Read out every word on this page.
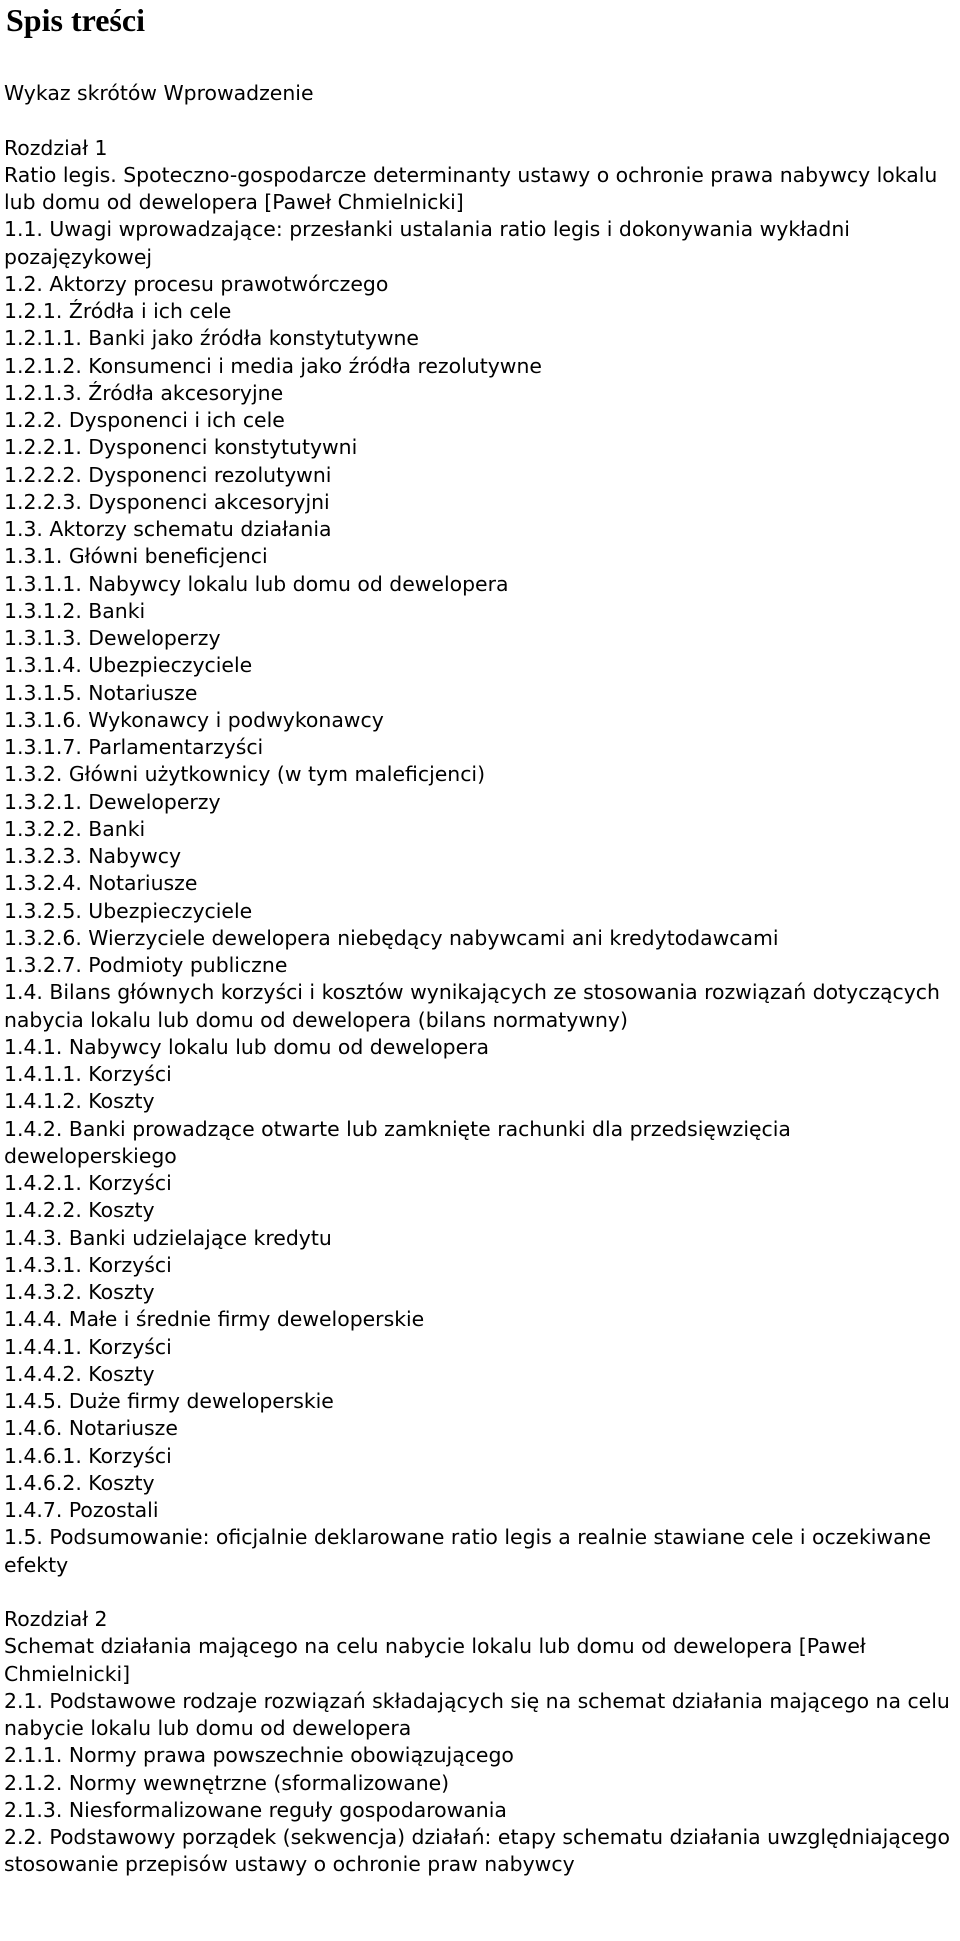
Spis treści
Wykaz skrótów Wprowadzenie
Rozdział 1
Ratio legis. Spoteczno-gospodarcze determinanty ustawy o ochronie prawa nabywcy lokalu lub domu od dewelopera [Paweł Chmielnicki]
1.1. Uwagi wprowadzające: przesłanki ustalania ratio legis i dokonywania wykładni pozajęzykowej
1.2. Aktorzy procesu prawotwórczego
1.2.1. Źródła i ich cele
1.2.1.1. Banki jako źródła konstytutywne
1.2.1.2. Konsumenci i media jako źródła rezolutywne
1.2.1.3. Źródła akcesoryjne
1.2.2. Dysponenci i ich cele
1.2.2.1. Dysponenci konstytutywni
1.2.2.2. Dysponenci rezolutywni
1.2.2.3. Dysponenci akcesoryjni
1.3. Aktorzy schematu działania
1.3.1. Główni beneficjenci
1.3.1.1. Nabywcy lokalu lub domu od dewelopera
1.3.1.2. Banki
1.3.1.3. Deweloperzy
1.3.1.4. Ubezpieczyciele
1.3.1.5. Notariusze
1.3.1.6. Wykonawcy i podwykonawcy
1.3.1.7. Parlamentarzyści
1.3.2. Główni użytkownicy (w tym maleficjenci)
1.3.2.1. Deweloperzy
1.3.2.2. Banki
1.3.2.3. Nabywcy
1.3.2.4. Notariusze
1.3.2.5. Ubezpieczyciele
1.3.2.6. Wierzyciele dewelopera niebędący nabywcami ani kredytodawcami
1.3.2.7. Podmioty publiczne
1.4. Bilans głównych korzyści i kosztów wynikających ze stosowania rozwiązań dotyczących nabycia lokalu lub domu od dewelopera (bilans normatywny)
1.4.1. Nabywcy lokalu lub domu od dewelopera
1.4.1.1. Korzyści
1.4.1.2. Koszty
1.4.2. Banki prowadzące otwarte lub zamknięte rachunki dla przedsięwzięcia deweloperskiego
1.4.2.1. Korzyści
1.4.2.2. Koszty
1.4.3. Banki udzielające kredytu
1.4.3.1. Korzyści
1.4.3.2. Koszty
1.4.4. Małe i średnie firmy deweloperskie
1.4.4.1. Korzyści
1.4.4.2. Koszty
1.4.5. Duże firmy deweloperskie
1.4.6. Notariusze
1.4.6.1. Korzyści
1.4.6.2. Koszty
1.4.7. Pozostali
1.5. Podsumowanie: oficjalnie deklarowane ratio legis a realnie stawiane cele i oczekiwane efekty
Rozdział 2
Schemat działania mającego na celu nabycie lokalu lub domu od dewelopera [Paweł Chmielnicki]
2.1. Podstawowe rodzaje rozwiązań składających się na schemat działania mającego na celu nabycie lokalu lub domu od dewelopera
2.1.1. Normy prawa powszechnie obowiązującego
2.1.2. Normy wewnętrzne (sformalizowane)
2.1.3. Niesformalizowane reguły gospodarowania
2.2. Podstawowy porządek (sekwencja) działań: etapy schematu działania uwzględniającego stosowanie przepisów ustawy o ochronie praw nabywcy
